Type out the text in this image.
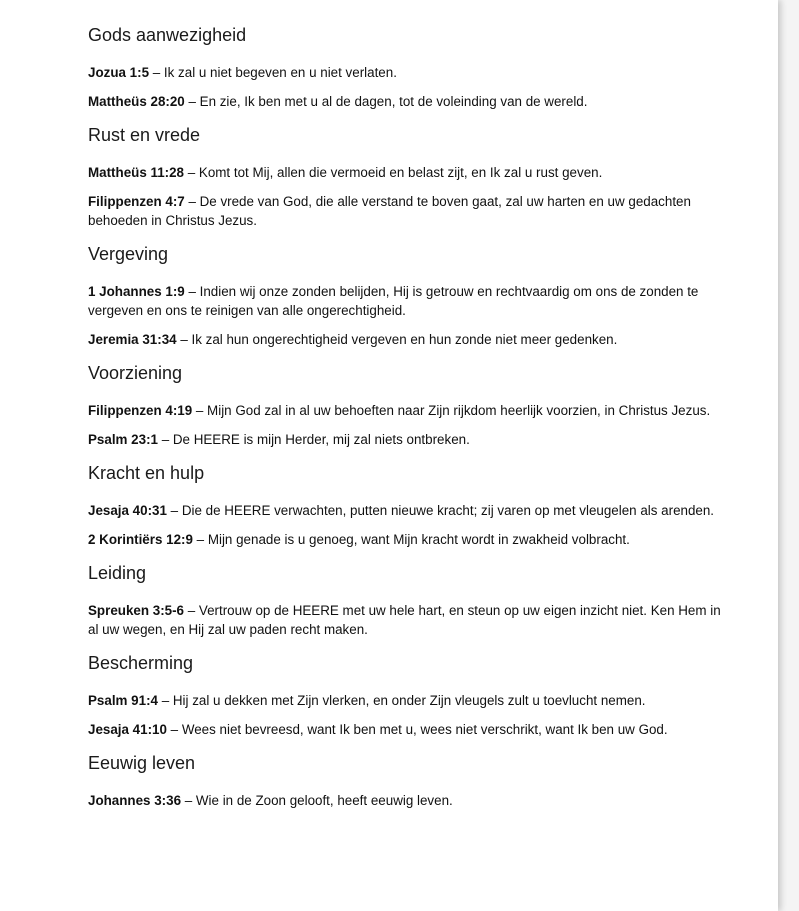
Gods aanwezigheid

Jozua 1:5 – Ik zal u niet begeven en u niet verlaten.

Mattheüs 28:20 – En zie, Ik ben met u al de dagen, tot de voleinding van de wereld.

Rust en vrede

Mattheüs 11:28 – Komt tot Mij, allen die vermoeid en belast zijt, en Ik zal u rust geven.

Filippenzen 4:7 – De vrede van God, die alle verstand te boven gaat, zal uw harten en uw gedachten behoeden in Christus Jezus.

Vergeving

1 Johannes 1:9 – Indien wij onze zonden belijden, Hij is getrouw en rechtvaardig om ons de zonden te vergeven en ons te reinigen van alle ongerechtigheid.

Jeremia 31:34 – Ik zal hun ongerechtigheid vergeven en hun zonde niet meer gedenken.

Voorziening

Filippenzen 4:19 – Mijn God zal in al uw behoeften naar Zijn rijkdom heerlijk voorzien, in Christus Jezus.

Psalm 23:1 – De HEERE is mijn Herder, mij zal niets ontbreken.

Kracht en hulp

Jesaja 40:31 – Die de HEERE verwachten, putten nieuwe kracht; zij varen op met vleugelen als arenden.

2 Korintiërs 12:9 – Mijn genade is u genoeg, want Mijn kracht wordt in zwakheid volbracht.

Leiding

Spreuken 3:5-6 – Vertrouw op de HEERE met uw hele hart, en steun op uw eigen inzicht niet. Ken Hem in al uw wegen, en Hij zal uw paden recht maken.

Bescherming

Psalm 91:4 – Hij zal u dekken met Zijn vlerken, en onder Zijn vleugels zult u toevlucht nemen.

Jesaja 41:10 – Wees niet bevreesd, want Ik ben met u, wees niet verschrikt, want Ik ben uw God.

Eeuwig leven

Johannes 3:36 – Wie in de Zoon gelooft, heeft eeuwig leven.
